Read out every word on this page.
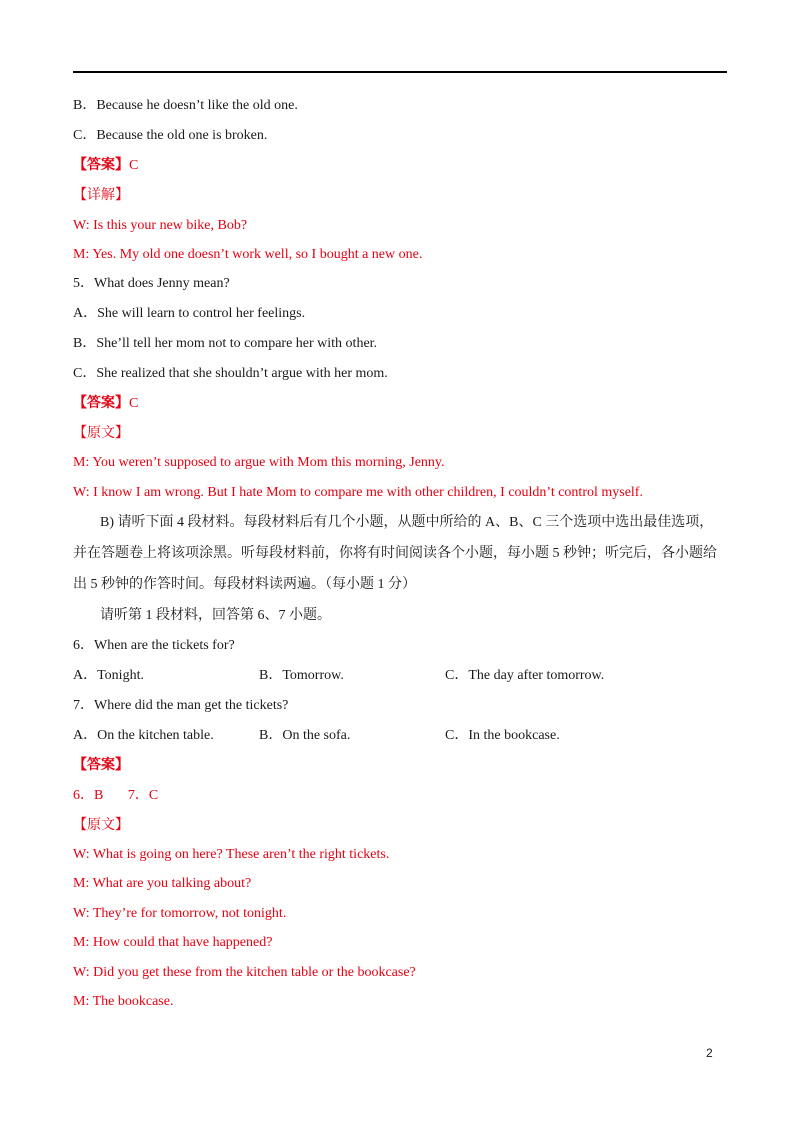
B．Because he doesn’t like the old one.
C．Because the old one is broken.
【答案】C
【详解】
W: Is this your new bike, Bob?
M: Yes. My old one doesn’t work well, so I bought a new one.
5．What does Jenny mean?
A．She will learn to control her feelings.
B．She’ll tell her mom not to compare her with other.
C．She realized that she shouldn’t argue with her mom.
【答案】C
【原文】
M: You weren’t supposed to argue with Mom this morning, Jenny.
W: I know I am wrong. But I hate Mom to compare me with other children, I couldn’t control myself.
B) 请听下面 4 段材料。每段材料后有几个小题，从题中所给的 A、B、C 三个选项中选出最佳选项，
并在答题卷上将该项涂黑。听每段材料前，你将有时间阅读各个小题，每小题 5 秒钟；听完后，各小题给
出 5 秒钟的作答时间。每段材料读两遍。（每小题 1 分）
请听第 1 段材料，回答第 6、7 小题。
6．When are the tickets for?
A．Tonight.	B．Tomorrow.	C．The day after tomorrow.
7．Where did the man get the tickets?
A．On the kitchen table.	B．On the sofa.	C．In the bookcase.
【答案】
6．B       7．C
【原文】
W: What is going on here? These aren’t the right tickets.
M: What are you talking about?
W: They’re for tomorrow, not tonight.
M: How could that have happened?
W: Did you get these from the kitchen table or the bookcase?
M: The bookcase.
2
